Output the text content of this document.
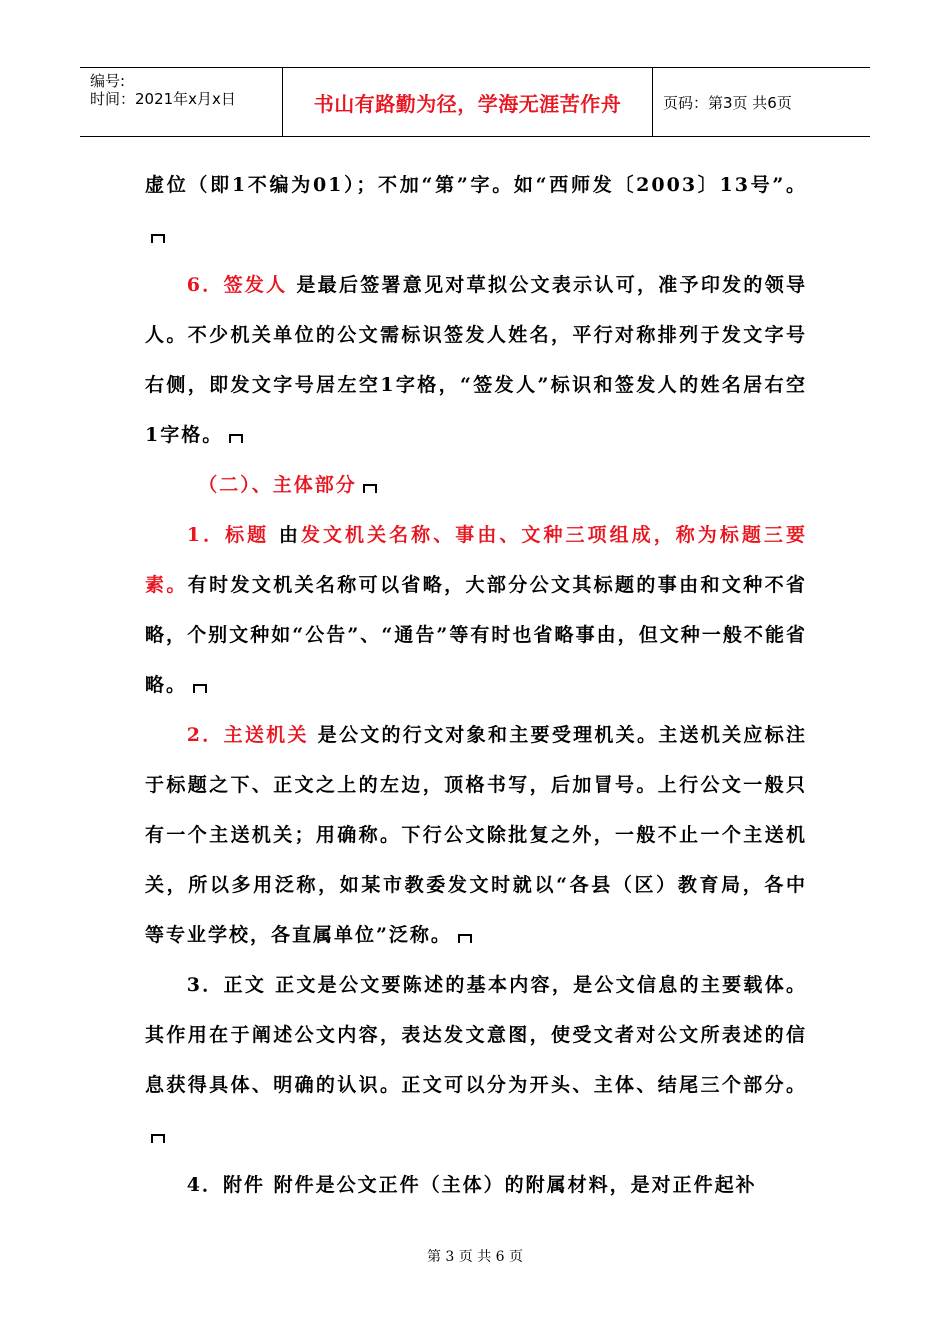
编号:
时间：2021年x月x日	书山有路勤为径，学海无涯苦作舟	页码：第3页 共6页

虚位（即1不编为01）；不加“第”字。如“西师发〔2003〕13号”。

6．签发人 是最后签署意见对草拟公文表示认可，准予印发的领导人。不少机关单位的公文需标识签发人姓名，平行对称排列于发文字号右侧，即发文字号居左空1字格，“签发人”标识和签发人的姓名居右空1字格。

（二）、主体部分

1．标题 由发文机关名称、事由、文种三项组成，称为标题三要素。有时发文机关名称可以省略，大部分公文其标题的事由和文种不省略，个别文种如“公告”、“通告”等有时也省略事由，但文种一般不能省略。

2．主送机关 是公文的行文对象和主要受理机关。主送机关应标注于标题之下、正文之上的左边，顶格书写，后加冒号。上行公文一般只有一个主送机关；用确称。下行公文除批复之外，一般不止一个主送机关，所以多用泛称，如某市教委发文时就以“各县（区）教育局，各中等专业学校，各直属单位”泛称。

3．正文 正文是公文要陈述的基本内容，是公文信息的主要载体。其作用在于阐述公文内容，表达发文意图，使受文者对公文所表述的信息获得具体、明确的认识。正文可以分为开头、主体、结尾三个部分。

4．附件 附件是公文正件（主体）的附属材料，是对正件起补

第 3 页 共 6 页
